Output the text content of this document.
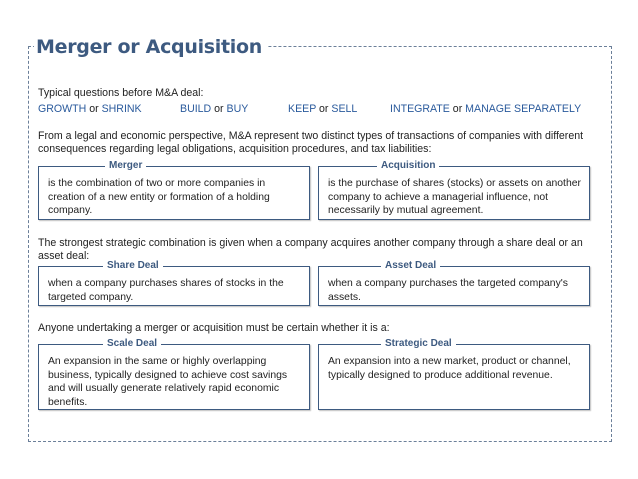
Merger or Acquisition
Typical questions before M&A deal:
GROWTH or SHRINK	BUILD or BUY	KEEP or SELL	INTEGRATE or MANAGE SEPARATELY
From a legal and economic perspective, M&A represent two distinct types of transactions of companies with different
consequences regarding legal obligations, acquisition procedures, and tax liabilities:
Merger
is the combination of two or more companies in creation of a new entity or formation of a holding company.
Acquisition
is the purchase of shares (stocks) or assets on another company to achieve a managerial influence, not necessarily by mutual agreement.
The strongest strategic combination is given when a company acquires another company through a share deal or an
asset deal:
Share Deal
when a company purchases shares of stocks in the targeted company.
Asset Deal
when a company purchases the targeted company's assets.
Anyone undertaking a merger or acquisition must be certain whether it is a:
Scale Deal
An expansion in the same or highly overlapping business, typically designed to achieve cost savings and will usually generate relatively rapid economic benefits.
Strategic Deal
An expansion into a new market, product or channel, typically designed to produce additional revenue.
